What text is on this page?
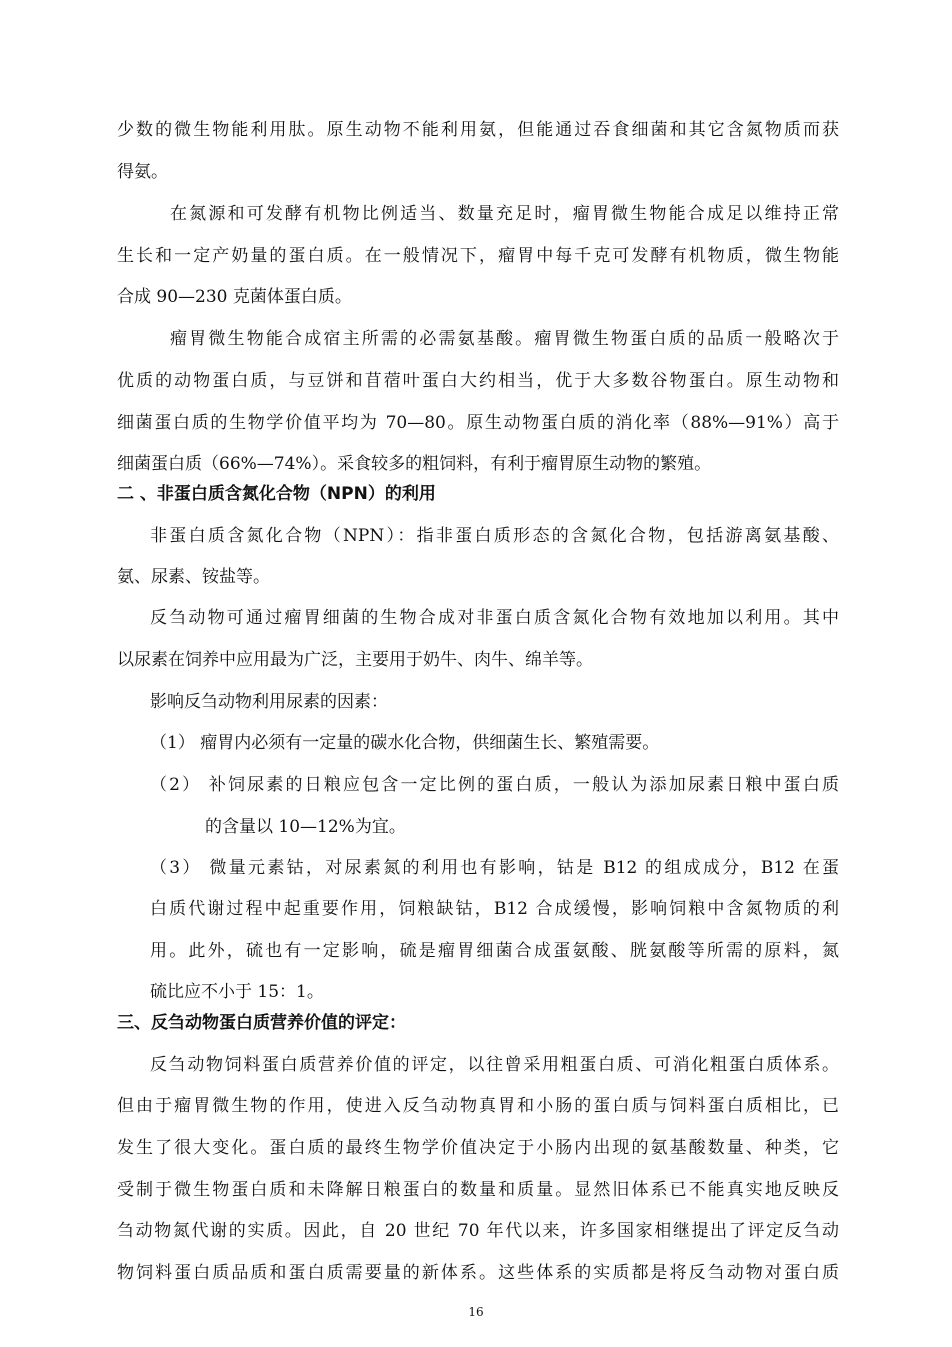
少数的微生物能利用肽。原生动物不能利用氨，但能通过吞食细菌和其它含氮物质而获
得氨。
在氮源和可发酵有机物比例适当、数量充足时，瘤胃微生物能合成足以维持正常
生长和一定产奶量的蛋白质。在一般情况下，瘤胃中每千克可发酵有机物质，微生物能
合成 90—230 克菌体蛋白质。
瘤胃微生物能合成宿主所需的必需氨基酸。瘤胃微生物蛋白质的品质一般略次于
优质的动物蛋白质，与豆饼和苜蓿叶蛋白大约相当，优于大多数谷物蛋白。原生动物和
细菌蛋白质的生物学价值平均为 70—80。原生动物蛋白质的消化率（88%—91%）高于
细菌蛋白质（66%—74%）。采食较多的粗饲料，有利于瘤胃原生动物的繁殖。
二 、非蛋白质含氮化合物（NPN）的利用
非蛋白质含氮化合物（NPN）：指非蛋白质形态的含氮化合物，包括游离氨基酸、
氨、尿素、铵盐等。
反刍动物可通过瘤胃细菌的生物合成对非蛋白质含氮化合物有效地加以利用。其中
以尿素在饲养中应用最为广泛，主要用于奶牛、肉牛、绵羊等。
影响反刍动物利用尿素的因素：
（1） 瘤胃内必须有一定量的碳水化合物，供细菌生长、繁殖需要。
（2） 补饲尿素的日粮应包含一定比例的蛋白质，一般认为添加尿素日粮中蛋白质
的含量以 10—12%为宜。
（3） 微量元素钴，对尿素氮的利用也有影响，钴是 B12 的组成成分，B12 在蛋
白质代谢过程中起重要作用，饲粮缺钴，B12 合成缓慢，影响饲粮中含氮物质的利
用。此外，硫也有一定影响，硫是瘤胃细菌合成蛋氨酸、胱氨酸等所需的原料，氮
硫比应不小于 15：1。
三、反刍动物蛋白质营养价值的评定：
反刍动物饲料蛋白质营养价值的评定，以往曾采用粗蛋白质、可消化粗蛋白质体系。
但由于瘤胃微生物的作用，使进入反刍动物真胃和小肠的蛋白质与饲料蛋白质相比，已
发生了很大变化。蛋白质的最终生物学价值决定于小肠内出现的氨基酸数量、种类，它
受制于微生物蛋白质和未降解日粮蛋白的数量和质量。显然旧体系已不能真实地反映反
刍动物氮代谢的实质。因此，自 20 世纪 70 年代以来，许多国家相继提出了评定反刍动
物饲料蛋白质品质和蛋白质需要量的新体系。这些体系的实质都是将反刍动物对蛋白质
16
